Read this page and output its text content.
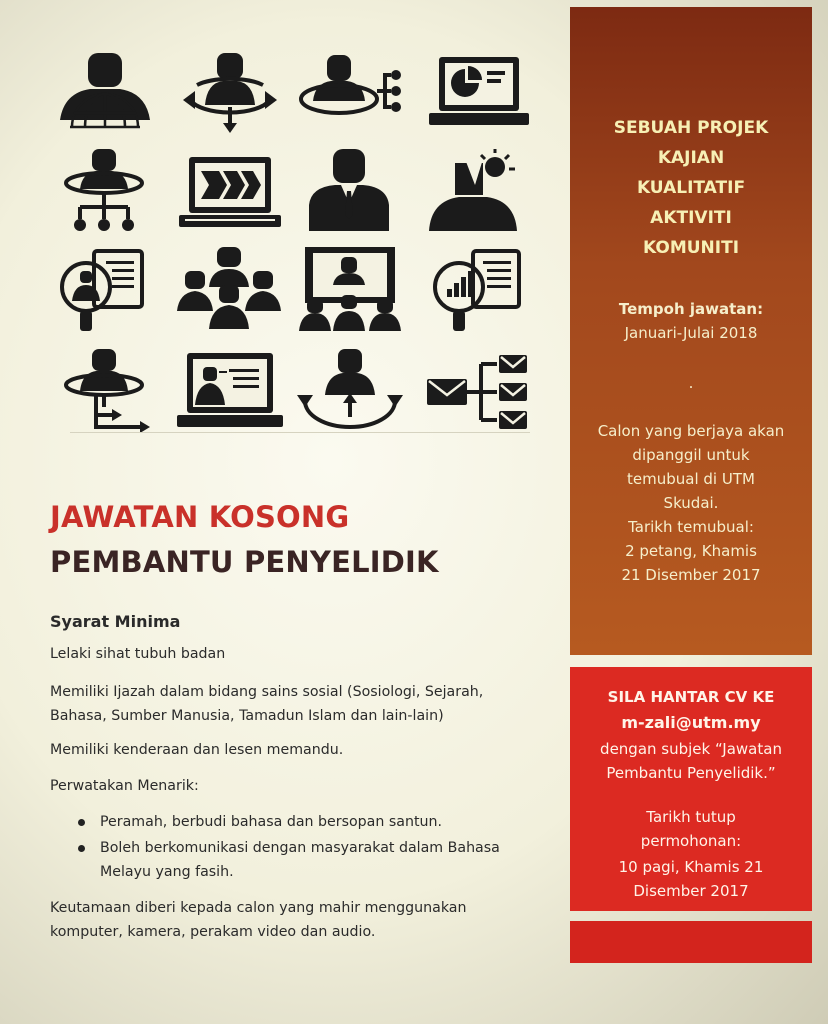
JAWATAN KOSONG
PEMBANTU PENYELIDIK
Syarat Minima
Lelaki sihat tubuh badan
Memiliki Ijazah dalam bidang sains sosial (Sosiologi, Sejarah,
Bahasa, Sumber Manusia, Tamadun Islam dan lain-lain)
Memiliki kenderaan dan lesen memandu.
Perwatakan Menarik:
Peramah, berbudi bahasa dan bersopan santun.
Boleh berkomunikasi dengan masyarakat dalam Bahasa
Melayu yang fasih.
Keutamaan diberi kepada calon yang mahir menggunakan
komputer, kamera, perakam video dan audio.
SEBUAH PROJEK
KAJIAN
KUALITATIF
AKTIVITI
KOMUNITI
Tempoh jawatan:
Januari-Julai 2018
.
Calon yang berjaya akan
dipanggil untuk
temubual di UTM
Skudai.
Tarikh temubual:
2 petang, Khamis
21 Disember 2017
SILA HANTAR CV KE
m-zali@utm.my
dengan subjek “Jawatan
Pembantu Penyelidik.”
Tarikh tutup
permohonan:
10 pagi, Khamis 21
Disember 2017
